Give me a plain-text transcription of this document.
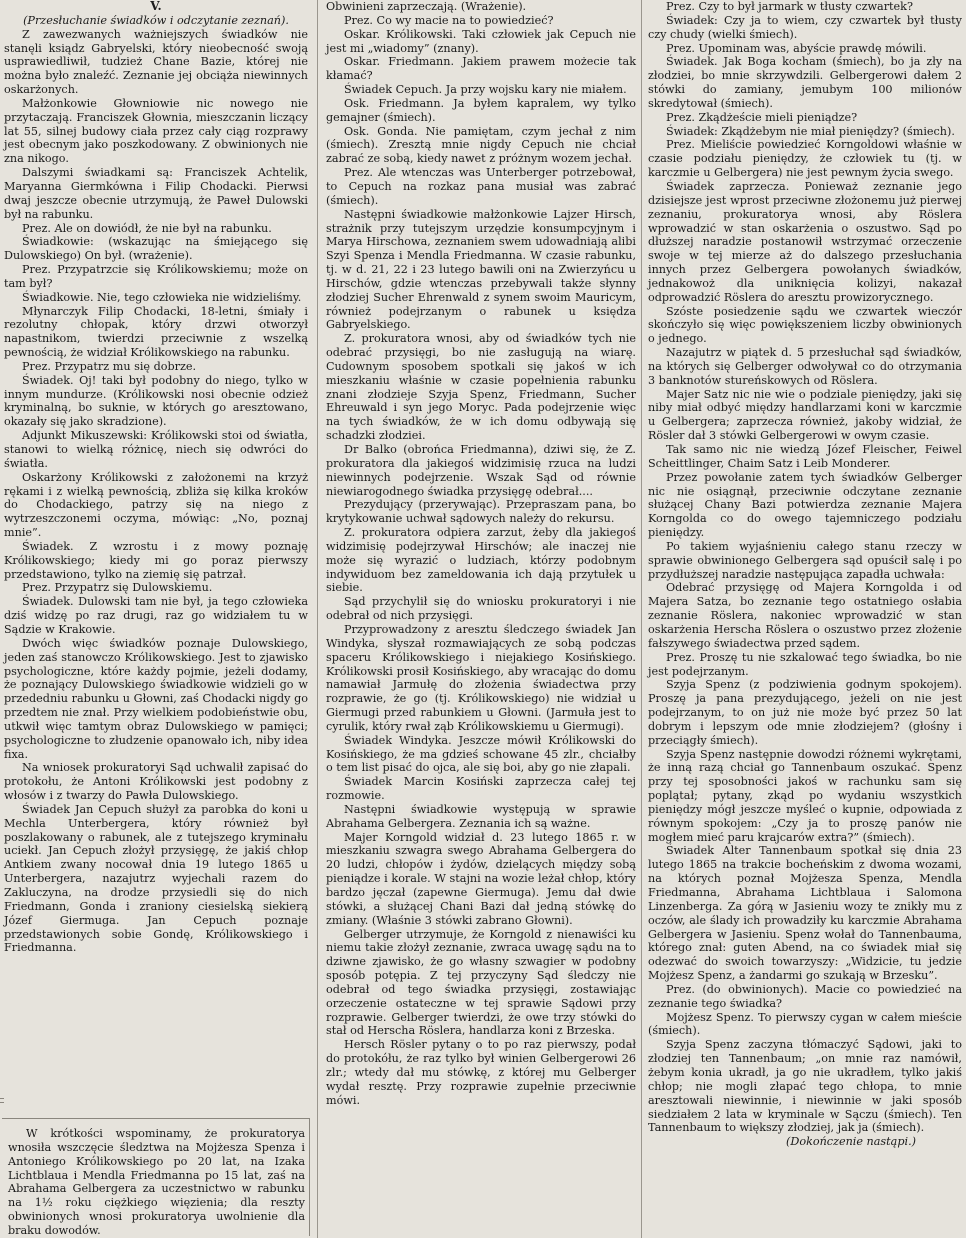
V.

(Przesłuchanie świadków i odczytanie zeznań).

Z zawezwanych ważniejszych świadków nie stanęli ksiądz Gabryelski, który nieobecność swoją usprawiedliwił, tudzież Chane Bazie, której nie można było znaleźć. Zeznanie jej obciąża niewinnych oskarżonych.

Małżonkowie Głowniowie nic nowego nie przytaczają. Franciszek Głownia, mieszczanin liczący lat 55, silnej budowy ciała przez cały ciąg rozprawy jest obecnym jako poszkodowany. Z obwinionych nie zna nikogo.

Dalszymi świadkami są: Franciszek Achtelik, Maryanna Giermkówna i Filip Chodacki. Pierwsi dwaj jeszcze obecnie utrzymują, że Paweł Dulowski był na rabunku.

Prez. Ale on dowiódł, że nie był na rabunku.

Świadkowie: (wskazując na śmiejącego się Dulowskiego) On był. (wrażenie).

Prez. Przypatrzcie się Królikowskiemu; może on tam był?

Świadkowie. Nie, tego człowieka nie widzieliśmy.

Młynarczyk Filip Chodacki, 18-letni, śmiały i rezolutny chłopak, który drzwi otworzył napastnikom, twierdzi przeciwnie z wszelką pewnością, że widział Królikowskiego na rabunku.

Prez. Przypatrz mu się dobrze.

Świadek. Oj! taki był podobny do niego, tylko w innym mundurze. (Królikowski nosi obecnie odzież kryminalną, bo suknie, w których go aresztowano, okazały się jako skradzione).

Adjunkt Mikuszewski: Królikowski stoi od światła, stanowi to wielką różnicę, niech się odwróci do światła.

Oskarżony Królikowski z założonemi na krzyż rękami i z wielką pewnością, zbliża się kilka kroków do Chodackiego, patrzy się na niego z wytrzeszczonemi oczyma, mówiąc: „No, poznaj mnie”.

Świadek. Z wzrostu i z mowy poznaję Królikowskiego; kiedy mi go poraz pierwszy przedstawiono, tylko na ziemię się patrzał.

Prez. Przypatrz się Dulowskiemu.

Świadek. Dulowski tam nie był, ja tego człowieka dziś widzę po raz drugi, raz go widziałem tu w Sądzie w Krakowie.

Dwóch więc świadków poznaje Dulowskiego, jeden zaś stanowczo Królikowskiego. Jest to zjawisko psychologiczne, które każdy pojmie, jeżeli dodamy, że poznający Dulowskiego świadkowie widzieli go w przededniu rabunku u Głowni, zaś Chodacki nigdy go przedtem nie znał. Przy wielkiem podobieństwie obu, utkwił więc tamtym obraz Dulowskiego w pamięci; psychologiczne to złudzenie opanowało ich, niby idea fixa.

Na wniosek prokuratoryi Sąd uchwalił zapisać do protokołu, że Antoni Królikowski jest podobny z włosów i z twarzy do Pawła Dulowskiego.

Świadek Jan Cepuch służył za parobka do koni u Mechla Unterbergera, który również był poszlakowany o rabunek, ale z tutejszego kryminału uciekł. Jan Cepuch złożył przysięgę, że jakiś chłop Antkiem zwany nocował dnia 19 lutego 1865 u Unterbergera, nazajutrz wyjechali razem do Zakluczyna, na drodze przysiedli się do nich Friedmann, Gonda i zraniony ciesielską siekierą Józef Giermuga. Jan Cepuch poznaje przedstawionych sobie Gondę, Królikowskiego i Friedmanna.

W krótkości wspominamy, że prokuratorya wnosiła wszczęcie śledztwa na Mojżesza Spenza i Antoniego Królikowskiego po 20 lat, na Izaka Lichtblaua i Mendla Friedmanna po 15 lat, zaś na Abrahama Gelbergera za uczestnictwo w rabunku na 1½ roku ciężkiego więzienia; dla reszty obwinionych wnosi prokuratorya uwolnienie dla braku dowodów.

Obwinieni zaprzeczają. (Wrażenie).

Prez. Co wy macie na to powiedzieć?

Oskar. Królikowski. Taki człowiek jak Cepuch nie jest mi „wiadomy” (znany).

Oskar. Friedmann. Jakiem prawem możecie tak kłamać?

Świadek Cepuch. Ja przy wojsku kary nie miałem.

Osk. Friedmann. Ja byłem kapralem, wy tylko gemajner (śmiech).

Osk. Gonda. Nie pamiętam, czym jechał z nim (śmiech). Zresztą mnie nigdy Cepuch nie chciał zabrać ze sobą, kiedy nawet z próżnym wozem jechał.

Prez. Ale wtenczas was Unterberger potrzebował, to Cepuch na rozkaz pana musiał was zabrać (śmiech).

Następni świadkowie małżonkowie Lajzer Hirsch, strażnik przy tutejszym urzędzie konsumpcyjnym i Marya Hirschowa, zeznaniem swem udowadniają alibi Szyi Spenza i Mendla Friedmanna. W czasie rabunku, tj. w d. 21, 22 i 23 lutego bawili oni na Zwierzyńcu u Hirschów, gdzie wtenczas przebywali także słynny złodziej Sucher Ehrenwald z synem swoim Mauricym, również podejrzanym o rabunek u księdza Gabryelskiego.

Z. prokuratora wnosi, aby od świadków tych nie odebrać przysięgi, bo nie zasługują na wiarę. Cudownym sposobem spotkali się jakoś w ich mieszkaniu właśnie w czasie popełnienia rabunku znani złodzieje Szyja Spenz, Friedmann, Sucher Ehreuwald i syn jego Moryc. Pada podejrzenie więc na tych świadków, że w ich domu odbywają się schadzki złodziei.

Dr Balko (obrońca Friedmanna), dziwi się, że Z. prokuratora dla jakiegoś widzimisię rzuca na ludzi niewinnych podejrzenie. Wszak Sąd od równie niewiarogodnego świadka przysięgę odebrał....

Prezydujący (przerywając). Przepraszam pana, bo krytykowanie uchwał sądowych należy do rekursu.

Z. prokuratora odpiera zarzut, żeby dla jakiegoś widzimisię podejrzywał Hirschów; ale inaczej nie może się wyrazić o ludziach, którzy podobnym indywiduom bez zameldowania ich dają przytułek u siebie.

Sąd przychylił się do wniosku prokuratoryi i nie odebrał od nich przysięgi.

Przyprowadzony z aresztu śledczego świadek Jan Windyka, słyszał rozmawiających ze sobą podczas spaceru Królikowskiego i niejakiego Kosińskiego. Królikowski prosił Kosińskiego, aby wracając do domu namawiał Jarmułę do złożenia świadectwa przy rozprawie, że go (tj. Królikowskiego) nie widział u Giermugi przed rabunkiem u Głowni. (Jarmuła jest to cyrulik, który rwał ząb Królikowskiemu u Giermugi).

Świadek Windyka. Jeszcze mówił Królikowski do Kosińskiego, że ma gdzieś schowane 45 zlr., chciałby o tem list pisać do ojca, ale się boi, aby go nie złapali.

Świadek Marcin Kosiński zaprzecza całej tej rozmowie.

Następni świadkowie występują w sprawie Abrahama Gelbergera. Zeznania ich są ważne.

Majer Korngold widział d. 23 lutego 1865 r. w mieszkaniu szwagra swego Abrahama Gelbergera do 20 ludzi, chłopów i żydów, dzielących między sobą pieniądze i korale. W stajni na wozie leżał chłop, który bardzo jęczał (zapewne Giermuga). Jemu dał dwie stówki, a służącej Chani Bazi dał jedną stówkę do zmiany. (Właśnie 3 stówki zabrano Głowni).

Gelberger utrzymuje, że Korngold z nienawiści ku niemu takie złożył zeznanie, zwraca uwagę sądu na to dziwne zjawisko, że go własny szwagier w podobny sposób potępia. Z tej przyczyny Sąd śledczy nie odebrał od tego świadka przysięgi, zostawiając orzeczenie ostateczne w tej sprawie Sądowi przy rozprawie. Gelberger twierdzi, że owe trzy stówki do stał od Herscha Röslera, handlarza koni z Brzeska.

Hersch Rösler pytany o to po raz pierwszy, podał do protokółu, że raz tylko był winien Gelbergerowi 26 zlr.; wtedy dał mu stówkę, z której mu Gelberger wydał resztę. Przy rozprawie zupełnie przeciwnie mówi.

Prez. Czy to był jarmark w tłusty czwartek?

Świadek: Czy ja to wiem, czy czwartek był tłusty czy chudy (wielki śmiech).

Prez. Upominam was, abyście prawdę mówili.

Świadek. Jak Boga kocham (śmiech), bo ja zły na złodziei, bo mnie skrzywdzili. Gelbergerowi dałem 2 stówki do zamiany, jemubym 100 milionów skredytował (śmiech).

Prez. Zkądżeście mieli pieniądze?

Świadek: Zkądżebym nie miał pieniędzy? (śmiech).

Prez. Mieliście powiedzieć Korngoldowi właśnie w czasie podziału pieniędzy, że człowiek tu (tj. w karczmie u Gelbergera) nie jest pewnym życia swego.

Świadek zaprzecza. Ponieważ zeznanie jego dzisiejsze jest wprost przeciwne złożonemu już pierwej zeznaniu, prokuratorya wnosi, aby Röslera wprowadzić w stan oskarżenia o oszustwo. Sąd po dłuższej naradzie postanowił wstrzymać orzeczenie swoje w tej mierze aż do dalszego przesłuchania innych przez Gelbergera powołanych świadków, jednakowoż dla uniknięcia kolizyi, nakazał odprowadzić Röslera do aresztu prowizorycznego.

Szóste posiedzenie sądu we czwartek wieczór skończyło się więc powiększeniem liczby obwinionych o jednego.

Nazajutrz w piątek d. 5 przesłuchał sąd świadków, na których się Gelberger odwoływał co do otrzymania 3 banknotów stureńskowych od Röslera.

Majer Satz nic nie wie o podziale pieniędzy, jaki się niby miał odbyć między handlarzami koni w karczmie u Gelbergera; zaprzecza również, jakoby widział, że Rösler dał 3 stówki Gelbergerowi w owym czasie.

Tak samo nic nie wiedzą Józef Fleischer, Feiwel Scheittlinger, Chaim Satz i Leib Monderer.

Przez powołanie zatem tych świadków Gelberger nic nie osiągnął, przeciwnie odczytane zeznanie służącej Chany Bazi potwierdza zeznanie Majera Korngolda co do owego tajemniczego podziału pieniędzy.

Po takiem wyjaśnieniu całego stanu rzeczy w sprawie obwinionego Gelbergera sąd opuścił salę i po przydłuższej naradzie następująca zapadła uchwała:

Odebrać przysięgę od Majera Korngolda i od Majera Satza, bo zeznanie tego ostatniego osłabia zeznanie Röslera, nakoniec wprowadzić w stan oskarżenia Herscha Röslera o oszustwo przez złożenie fałszywego świadectwa przed sądem.

Prez. Proszę tu nie szkalować tego świadka, bo nie jest podejrzanym.

Szyja Spenz (z podziwienia godnym spokojem). Proszę ja pana prezydującego, jeżeli on nie jest podejrzanym, to on już nie może być przez 50 lat dobrym i lepszym ode mnie złodziejem? (głośny i przeciągły śmiech).

Szyja Spenz następnie dowodzi różnemi wykrętami, że inną razą chciał go Tannenbaum oszukać. Spenz przy tej sposobności jakoś w rachunku sam się poplątał; pytany, zkąd po wydaniu wszystkich pieniędzy mógł jeszcze myśleć o kupnie, odpowiada z równym spokojem: „Czy ja to proszę panów nie mogłem mieć paru krajcarów extra?” (śmiech).

Świadek Alter Tannenbaum spotkał się dnia 23 lutego 1865 na trakcie bocheńskim z dwoma wozami, na których poznał Mojżesza Spenza, Mendla Friedmanna, Abrahama Lichtblaua i Salomona Linzenberga. Za górą w Jasieniu wozy te znikły mu z oczów, ale ślady ich prowadziły ku karczmie Abrahama Gelbergera w Jasieniu. Spenz wołał do Tannenbauma, którego znał: guten Abend, na co świadek miał się odezwać do swoich towarzyszy: „Widzicie, tu jedzie Mojżesz Spenz, a żandarmi go szukają w Brzesku”.

Prez. (do obwinionych). Macie co powiedzieć na zeznanie tego świadka?

Mojżesz Spenz. To pierwszy cygan w całem mieście (śmiech).

Szyja Spenz zaczyna tłómaczyć Sądowi, jaki to złodziej ten Tannenbaum; „on mnie raz namówił, żebym konia ukradł, ja go nie ukradłem, tylko jakiś chłop; nie mogli złapać tego chłopa, to mnie aresztowali niewinnie, i niewinnie w jaki sposób siedziałem 2 lata w kryminale w Sączu (śmiech). Ten Tannenbaum to większy złodziej, jak ja (śmiech).

(Dokończenie nastąpi.)
